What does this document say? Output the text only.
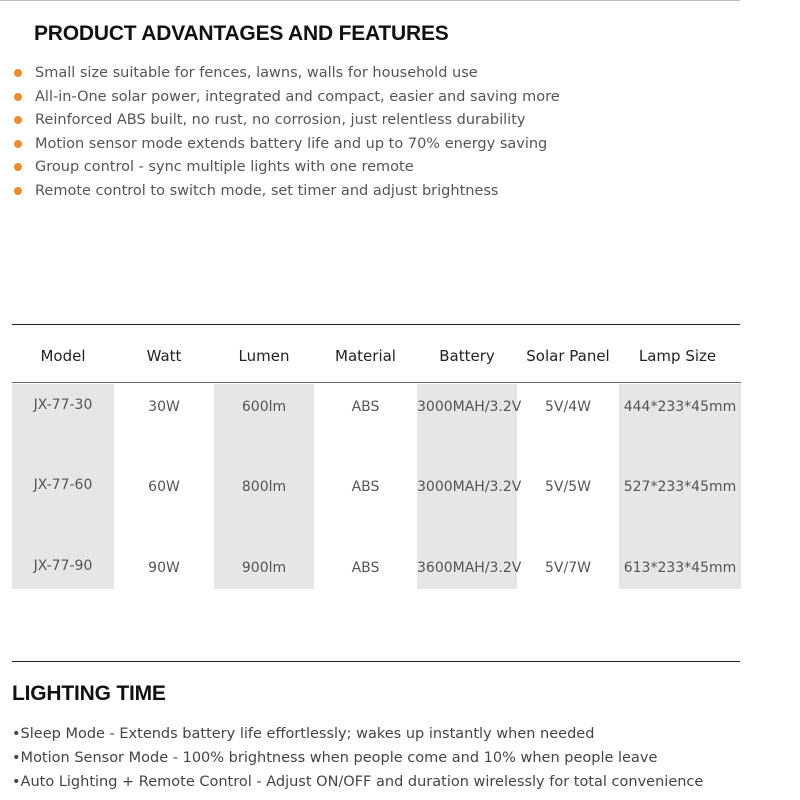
PRODUCT ADVANTAGES AND FEATURES
Small size suitable for fences, lawns, walls for household use
All-in-One solar power, integrated and compact, easier and saving more
Reinforced ABS built, no rust, no corrosion, just relentless durability
Motion sensor mode extends battery life and up to 70% energy saving
Group control - sync multiple lights with one remote
Remote control to switch mode, set timer and adjust brightness
Model	Watt	Lumen	Material	Battery	Solar Panel	Lamp Size
JX-77-30	30W	600lm	ABS	3000MAH/3.2V	5V/4W	444*233*45mm
JX-77-60	60W	800lm	ABS	3000MAH/3.2V	5V/5W	527*233*45mm
JX-77-90	90W	900lm	ABS	3600MAH/3.2V	5V/7W	613*233*45mm
LIGHTING TIME
•Sleep Mode - Extends battery life effortlessly; wakes up instantly when needed
•Motion Sensor Mode - 100% brightness when people come and 10% when people leave
•Auto Lighting + Remote Control - Adjust ON/OFF and duration wirelessly for total convenience
